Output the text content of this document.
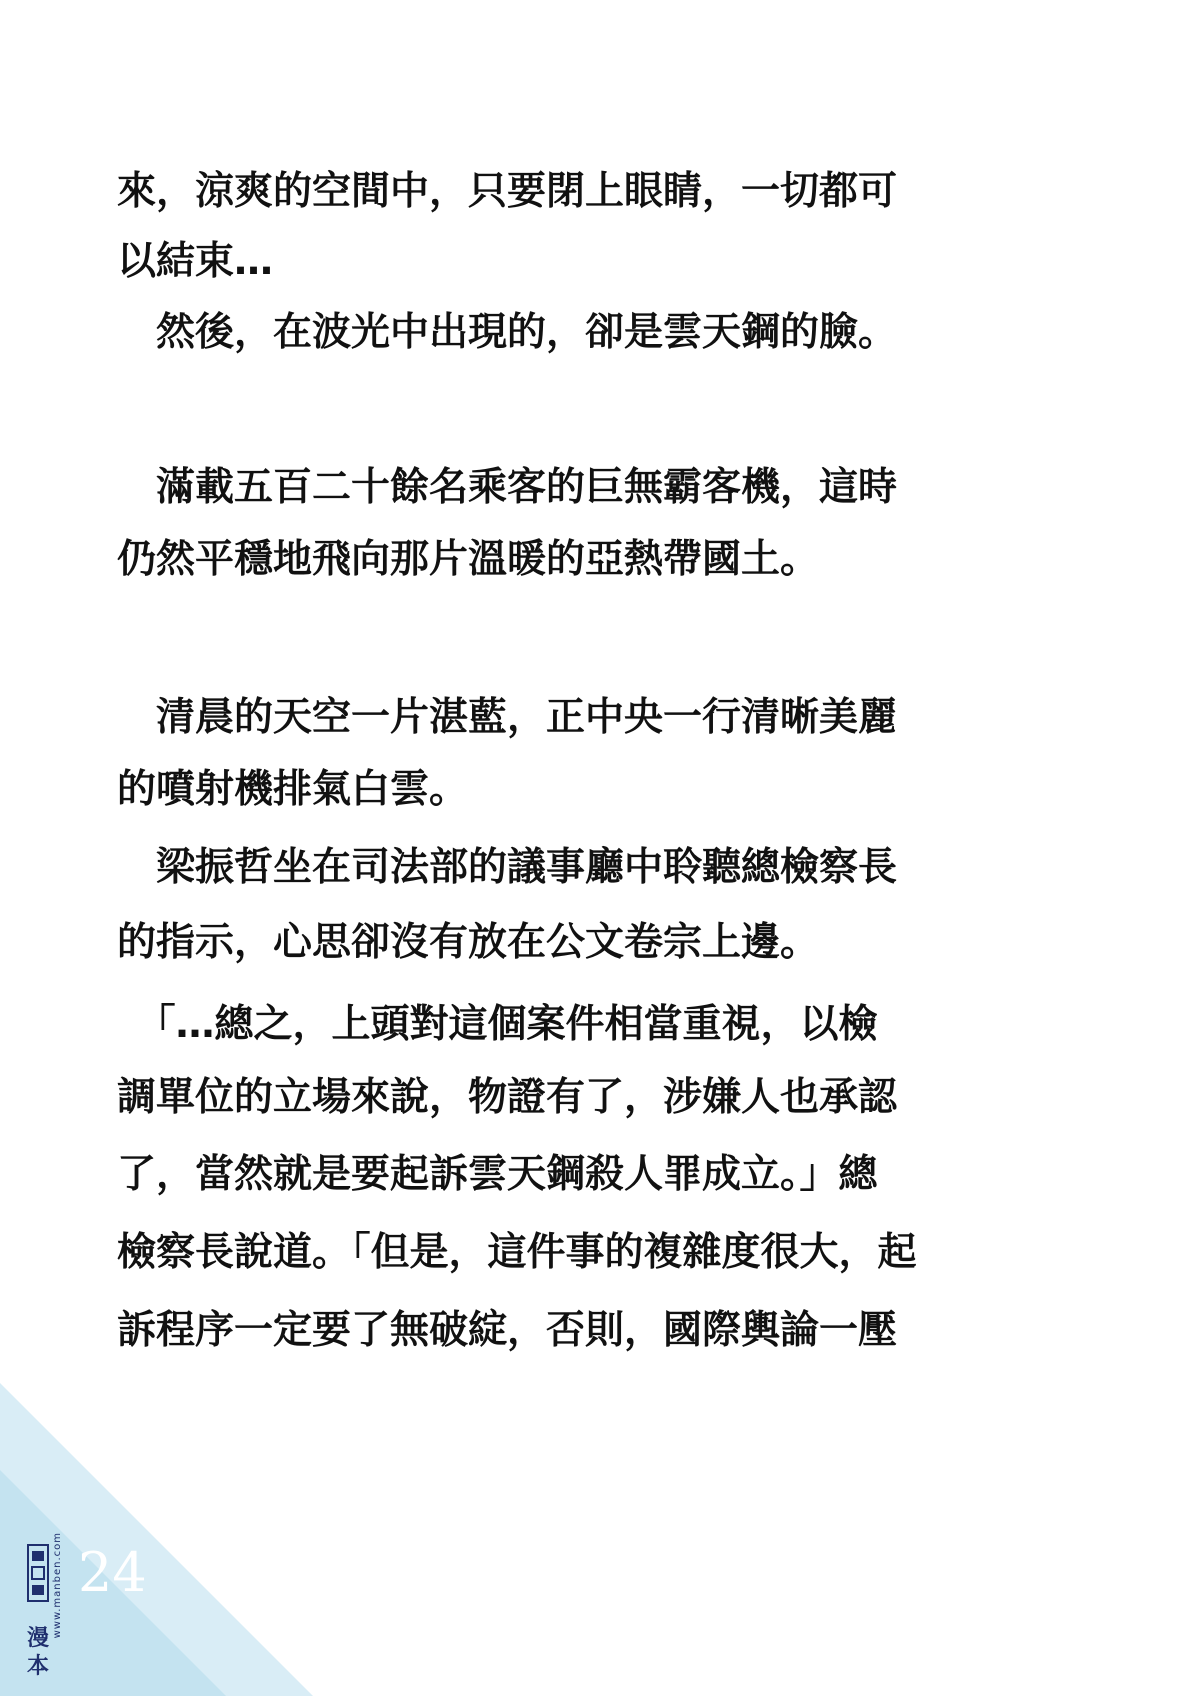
漫
本
www.manben.com 24
來，涼爽的空間中，只要閉上眼睛，一切都可
以結束…
　然後，在波光中出現的，卻是雲天鋼的臉。
　滿載五百二十餘名乘客的巨無霸客機，這時
仍然平穩地飛向那片溫暖的亞熱帶國土。
　清晨的天空一片湛藍，正中央一行清晰美麗
的噴射機排氣白雲。
　梁振哲坐在司法部的議事廳中聆聽總檢察長
的指示，心思卻沒有放在公文卷宗上邊。
　「…總之，上頭對這個案件相當重視，以檢
調單位的立場來說，物證有了，涉嫌人也承認
了，當然就是要起訴雲天鋼殺人罪成立。」總
檢察長說道。「但是，這件事的複雜度很大，起
訴程序一定要了無破綻，否則，國際輿論一壓
